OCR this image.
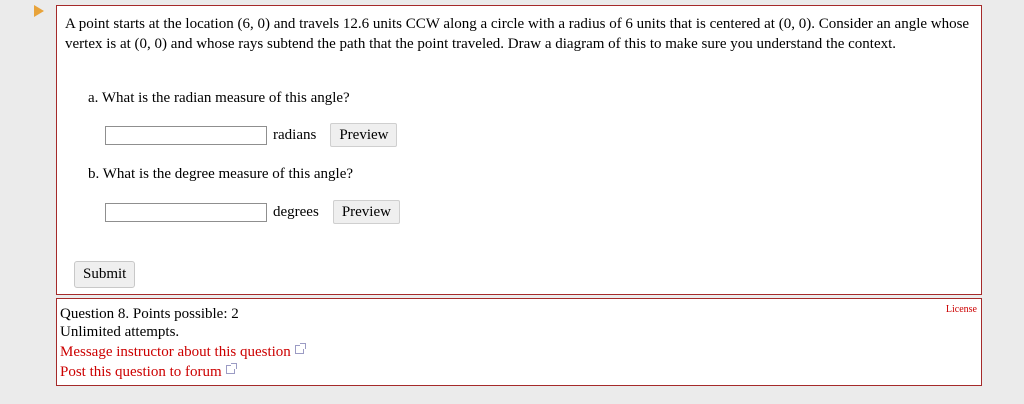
A point starts at the location (6, 0) and travels 12.6 units CCW along a circle with a radius of 6 units that is centered at (0, 0). Consider an angle whose vertex is at (0, 0) and whose rays subtend the path that the point traveled. Draw a diagram of this to make sure you understand the context.
a. What is the radian measure of this angle?
radians	Preview
b. What is the degree measure of this angle?
degrees	Preview
Submit
Question 8. Points possible: 2
Unlimited attempts.
Message instructor about this question
Post this question to forum
License
